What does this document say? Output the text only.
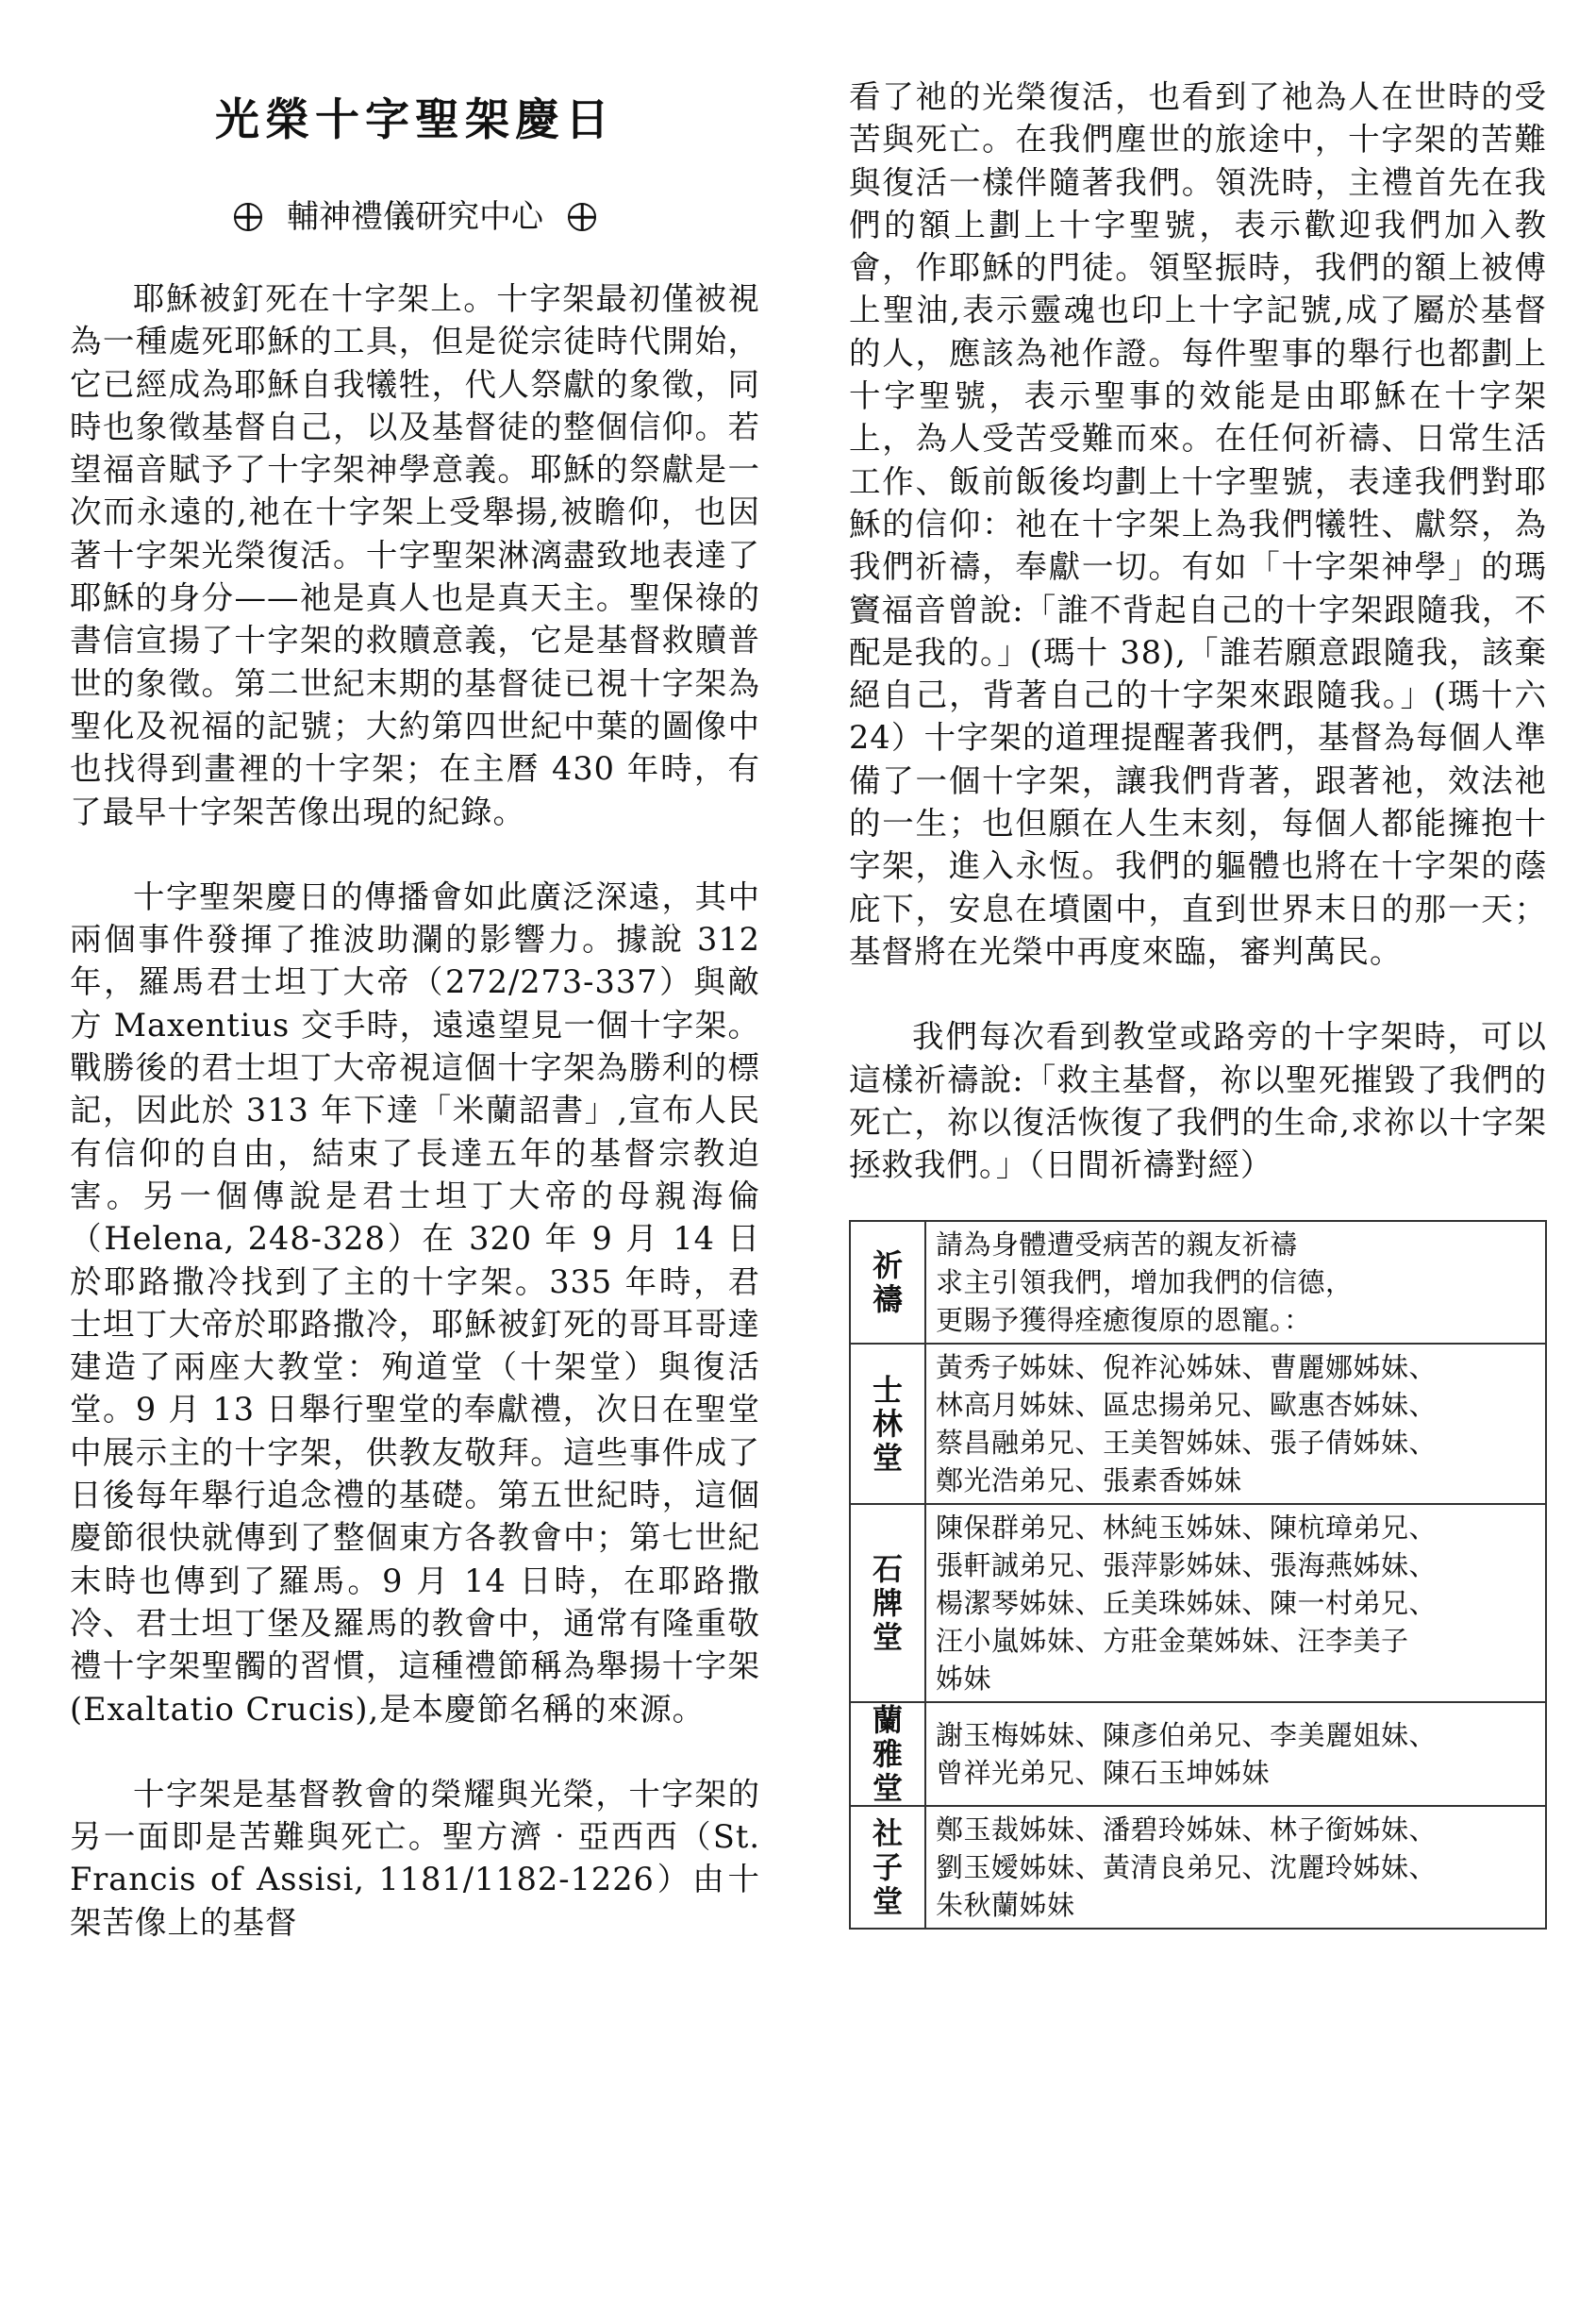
光榮十字聖架慶日
輔神禮儀研究中心

耶穌被釘死在十字架上。十字架最初僅被視為一種處死耶穌的工具，但是從宗徒時代開始，它已經成為耶穌自我犧牲，代人祭獻的象徵，同時也象徵基督自己，以及基督徒的整個信仰。若望福音賦予了十字架神學意義。耶穌的祭獻是一次而永遠的,祂在十字架上受舉揚,被瞻仰，也因著十字架光榮復活。十字聖架淋漓盡致地表達了耶穌的身分——祂是真人也是真天主。聖保祿的書信宣揚了十字架的救贖意義，它是基督救贖普世的象徵。第二世紀末期的基督徒已視十字架為聖化及祝福的記號；大約第四世紀中葉的圖像中也找得到畫裡的十字架；在主曆 430 年時，有了最早十字架苦像出現的紀錄。

十字聖架慶日的傳播會如此廣泛深遠，其中兩個事件發揮了推波助瀾的影響力。據說 312 年，羅馬君士坦丁大帝（272/273-337）與敵方 Maxentius 交手時，遠遠望見一個十字架。戰勝後的君士坦丁大帝視這個十字架為勝利的標記，因此於 313 年下達「米蘭詔書」,宣布人民有信仰的自由，結束了長達五年的基督宗教迫害。另一個傳說是君士坦丁大帝的母親海倫（Helena, 248-328）在 320 年 9 月 14 日於耶路撒冷找到了主的十字架。335 年時，君士坦丁大帝於耶路撒冷，耶穌被釘死的哥耳哥達建造了兩座大教堂：殉道堂（十架堂）與復活堂。9 月 13 日舉行聖堂的奉獻禮，次日在聖堂中展示主的十字架，供教友敬拜。這些事件成了日後每年舉行追念禮的基礎。第五世紀時，這個慶節很快就傳到了整個東方各教會中；第七世紀末時也傳到了羅馬。9 月 14 日時，在耶路撒冷、君士坦丁堡及羅馬的教會中，通常有隆重敬禮十字架聖髑的習慣，這種禮節稱為舉揚十字架 (Exaltatio Crucis),是本慶節名稱的來源。

十字架是基督教會的榮耀與光榮，十字架的另一面即是苦難與死亡。聖方濟‧亞西西（St. Francis of Assisi, 1181/1182-1226）由十架苦像上的基督

看了祂的光榮復活，也看到了祂為人在世時的受苦與死亡。在我們塵世的旅途中，十字架的苦難與復活一樣伴隨著我們。領洗時，主禮首先在我們的額上劃上十字聖號，表示歡迎我們加入教會，作耶穌的門徒。領堅振時，我們的額上被傅上聖油,表示靈魂也印上十字記號,成了屬於基督的人，應該為祂作證。每件聖事的舉行也都劃上十字聖號，表示聖事的效能是由耶穌在十字架上，為人受苦受難而來。在任何祈禱、日常生活工作、飯前飯後均劃上十字聖號，表達我們對耶穌的信仰：祂在十字架上為我們犧牲、獻祭，為我們祈禱，奉獻一切。有如「十字架神學」的瑪竇福音曾說:「誰不背起自己的十字架跟隨我，不配是我的。」(瑪十 38),「誰若願意跟隨我，該棄絕自己，背著自己的十字架來跟隨我。」(瑪十六 24）十字架的道理提醒著我們，基督為每個人準備了一個十字架，讓我們背著，跟著祂，效法祂的一生；也但願在人生末刻，每個人都能擁抱十字架，進入永恆。我們的軀體也將在十字架的蔭庇下，安息在墳園中，直到世界末日的那一天；基督將在光榮中再度來臨，審判萬民。

我們每次看到教堂或路旁的十字架時，可以這樣祈禱說:「救主基督，祢以聖死摧毀了我們的死亡，祢以復活恢復了我們的生命,求祢以十字架拯救我們。」（日間祈禱對經）

祈禱	請為身體遭受病苦的親友祈禱
求主引領我們，增加我們的信德，
更賜予獲得痊癒復原的恩寵。：

士林堂	黃秀子姊妹、倪祚沁姊妹、曹麗娜姊妹、
林高月姊妹、區忠揚弟兄、歐惠杏姊妹、
蔡昌融弟兄、王美智姊妹、張子倩姊妹、
鄭光浩弟兄、張素香姊妹

石牌堂	陳保群弟兄、林純玉姊妹、陳杭璋弟兄、
張軒誠弟兄、張萍影姊妹、張海燕姊妹、
楊潔琴姊妹、丘美珠姊妹、陳一村弟兄、
汪小嵐姊妹、方莊金葉姊妹、汪李美子
姊妹

蘭雅堂	謝玉梅姊妹、陳彥伯弟兄、李美麗姐妹、
曾祥光弟兄、陳石玉坤姊妹

社子堂	鄭玉裁姊妹、潘碧玲姊妹、林子銜姊妹、
劉玉嬡姊妹、黃清良弟兄、沈麗玲姊妹、
朱秋蘭姊妹
